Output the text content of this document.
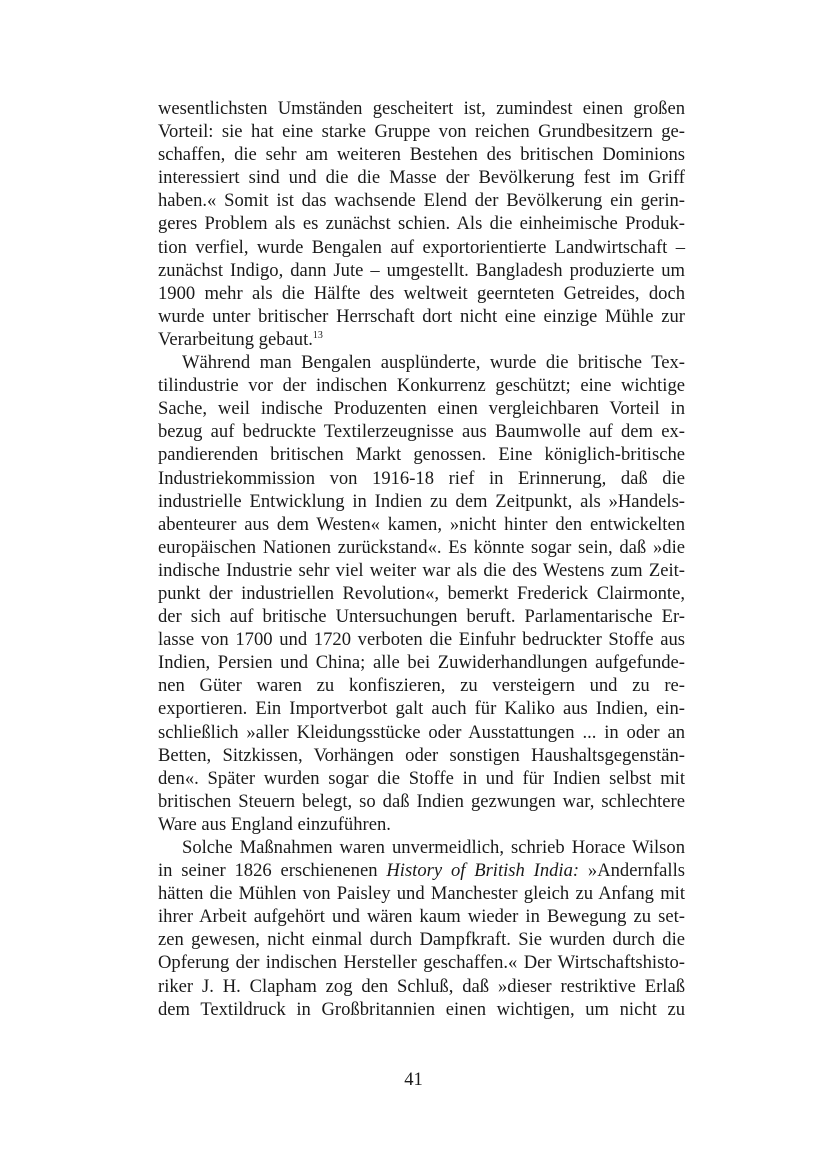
wesentlichsten Umständen gescheitert ist, zumindest einen großen
Vorteil: sie hat eine starke Gruppe von reichen Grundbesitzern ge-
schaffen, die sehr am weiteren Bestehen des britischen Dominions
interessiert sind und die die Masse der Bevölkerung fest im Griff
haben.« Somit ist das wachsende Elend der Bevölkerung ein gerin-
geres Problem als es zunächst schien. Als die einheimische Produk-
tion verfiel, wurde Bengalen auf exportorientierte Landwirtschaft –
zunächst Indigo, dann Jute – umgestellt. Bangladesh produzierte um
1900 mehr als die Hälfte des weltweit geernteten Getreides, doch
wurde unter britischer Herrschaft dort nicht eine einzige Mühle zur
Verarbeitung gebaut.$^{13}$
Während man Bengalen ausplünderte, wurde die britische Tex-
tilindustrie vor der indischen Konkurrenz geschützt; eine wichtige
Sache, weil indische Produzenten einen vergleichbaren Vorteil in
bezug auf bedruckte Textilerzeugnisse aus Baumwolle auf dem ex-
pandierenden britischen Markt genossen. Eine königlich-britische
Industriekommission von 1916-18 rief in Erinnerung, daß die
industrielle Entwicklung in Indien zu dem Zeitpunkt, als »Handels-
abenteurer aus dem Westen« kamen, »nicht hinter den entwickelten
europäischen Nationen zurückstand«. Es könnte sogar sein, daß »die
indische Industrie sehr viel weiter war als die des Westens zum Zeit-
punkt der industriellen Revolution«, bemerkt Frederick Clairmonte,
der sich auf britische Untersuchungen beruft. Parlamentarische Er-
lasse von 1700 und 1720 verboten die Einfuhr bedruckter Stoffe aus
Indien, Persien und China; alle bei Zuwiderhandlungen aufgefunde-
nen Güter waren zu konfiszieren, zu versteigern und zu re-
exportieren. Ein Importverbot galt auch für Kaliko aus Indien, ein-
schließlich »aller Kleidungsstücke oder Ausstattungen ... in oder an
Betten, Sitzkissen, Vorhängen oder sonstigen Haushaltsgegenstän-
den«. Später wurden sogar die Stoffe in und für Indien selbst mit
britischen Steuern belegt, so daß Indien gezwungen war, schlechtere
Ware aus England einzuführen.
Solche Maßnahmen waren unvermeidlich, schrieb Horace Wilson
in seiner 1826 erschienenen History of British India: »Andernfalls
hätten die Mühlen von Paisley und Manchester gleich zu Anfang mit
ihrer Arbeit aufgehört und wären kaum wieder in Bewegung zu set-
zen gewesen, nicht einmal durch Dampfkraft. Sie wurden durch die
Opferung der indischen Hersteller geschaffen.« Der Wirtschaftshisto-
riker J. H. Clapham zog den Schluß, daß »dieser restriktive Erlaß
dem Textildruck in Großbritannien einen wichtigen, um nicht zu
41
